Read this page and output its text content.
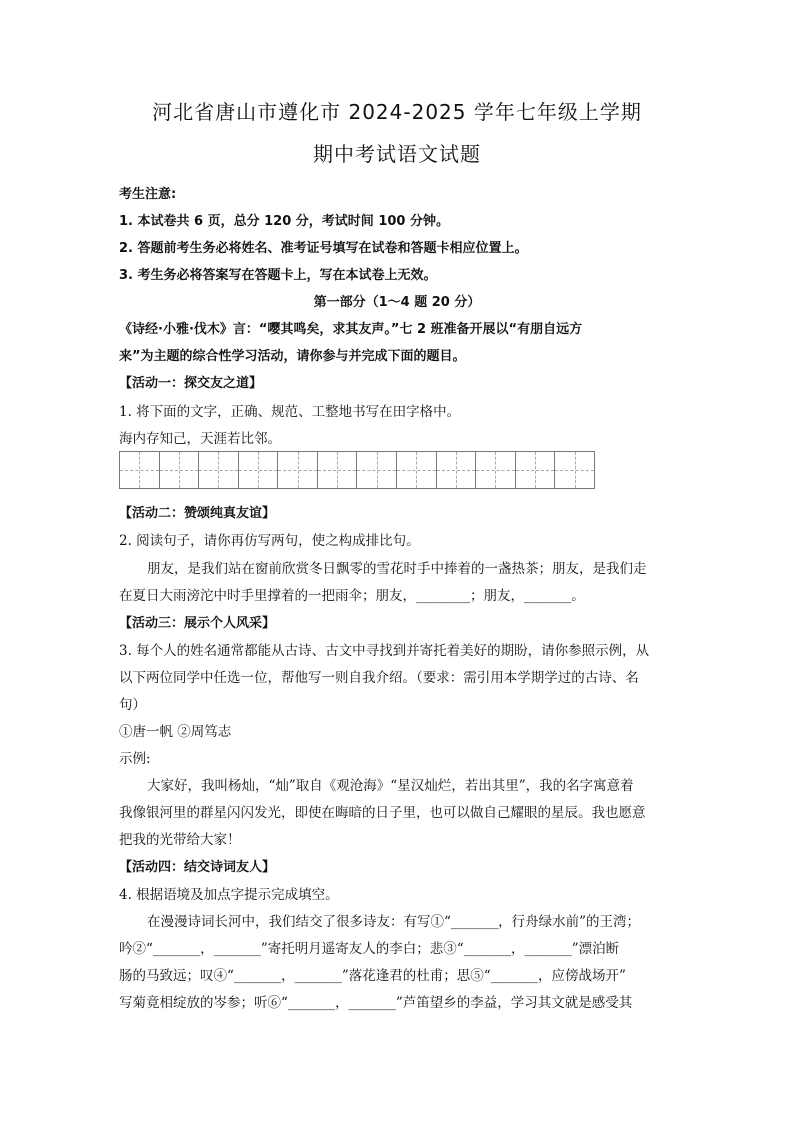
河北省唐山市遵化市 2024-2025 学年七年级上学期
期中考试语文试题
考生注意:
1. 本试卷共 6 页，总分 120 分，考试时间 100 分钟。
2. 答题前考生务必将姓名、准考证号填写在试卷和答题卡相应位置上。
3. 考生务必将答案写在答题卡上，写在本试卷上无效。
第一部分（1～4 题 20 分）
《诗经·小雅·伐木》言：“嘤其鸣矣，求其友声。”七 2 班准备开展以“有朋自远方
来”为主题的综合性学习活动，请你参与并完成下面的题目。
【活动一：探交友之道】
1. 将下面的文字，正确、规范、工整地书写在田字格中。
海内存知己，天涯若比邻。
【活动二：赞颂纯真友谊】
2. 阅读句子，请你再仿写两句，使之构成排比句。
朋友，是我们站在窗前欣赏冬日飘零的雪花时手中捧着的一盏热茶；朋友，是我们走
在夏日大雨滂沱中时手里撑着的一把雨伞；朋友，________；朋友，_______。
【活动三：展示个人风采】
3. 每个人的姓名通常都能从古诗、古文中寻找到并寄托着美好的期盼，请你参照示例，从
以下两位同学中任选一位，帮他写一则自我介绍。（要求：需引用本学期学过的古诗、名
句）
①唐一帆 ②周笃志
示例:
大家好，我叫杨灿，“灿”取自《观沧海》“星汉灿烂，若出其里”，我的名字寓意着
我像银河里的群星闪闪发光，即使在晦暗的日子里，也可以做自己耀眼的星辰。我也愿意
把我的光带给大家！
【活动四：结交诗词友人】
4. 根据语境及加点字提示完成填空。
在漫漫诗词长河中，我们结交了很多诗友：有写①“_______，行舟绿水前”的王湾；
吟②“_______，_______”寄托明月遥寄友人的李白；悲③“_______，_______”漂泊断
肠的马致远；叹④“_______，_______”落花逢君的杜甫；思⑤“_______，应傍战场开”
写菊竟相绽放的岑参；听⑥“_______，_______”芦笛望乡的李益，学习其文就是感受其
